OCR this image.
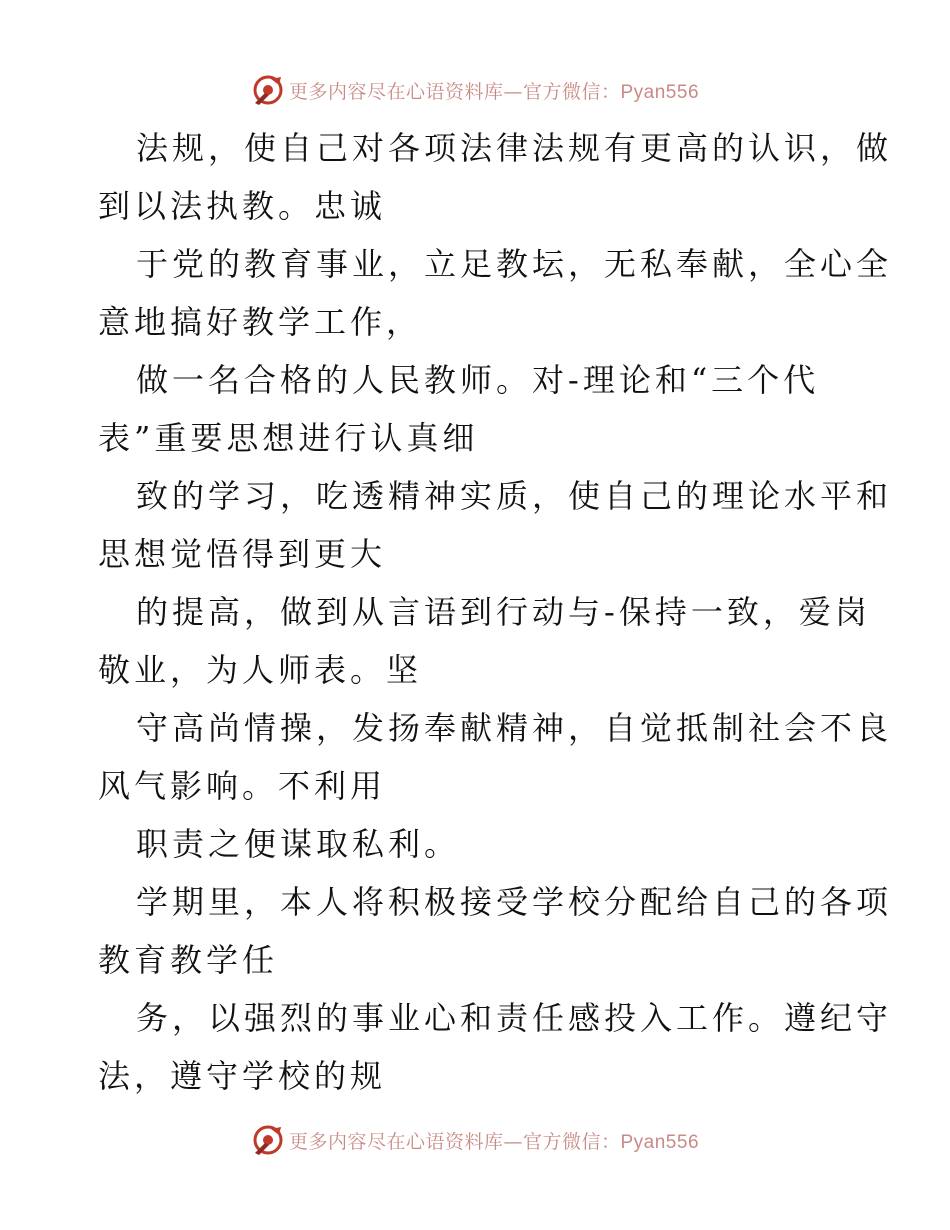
更多内容尽在心语资料库—官方微信：Pyan556
法规，使自己对各项法律法规有更高的认识，做
到以法执教。忠诚
于党的教育事业，立足教坛，无私奉献，全心全
意地搞好教学工作，
做一名合格的人民教师。对-理论和“三个代
表”重要思想进行认真细
致的学习，吃透精神实质，使自己的理论水平和
思想觉悟得到更大
的提高，做到从言语到行动与-保持一致，爱岗
敬业，为人师表。坚
守高尚情操，发扬奉献精神，自觉抵制社会不良
风气影响。不利用
职责之便谋取私利。
学期里，本人将积极接受学校分配给自己的各项
教育教学任
务，以强烈的事业心和责任感投入工作。遵纪守
法，遵守学校的规
更多内容尽在心语资料库—官方微信：Pyan556
